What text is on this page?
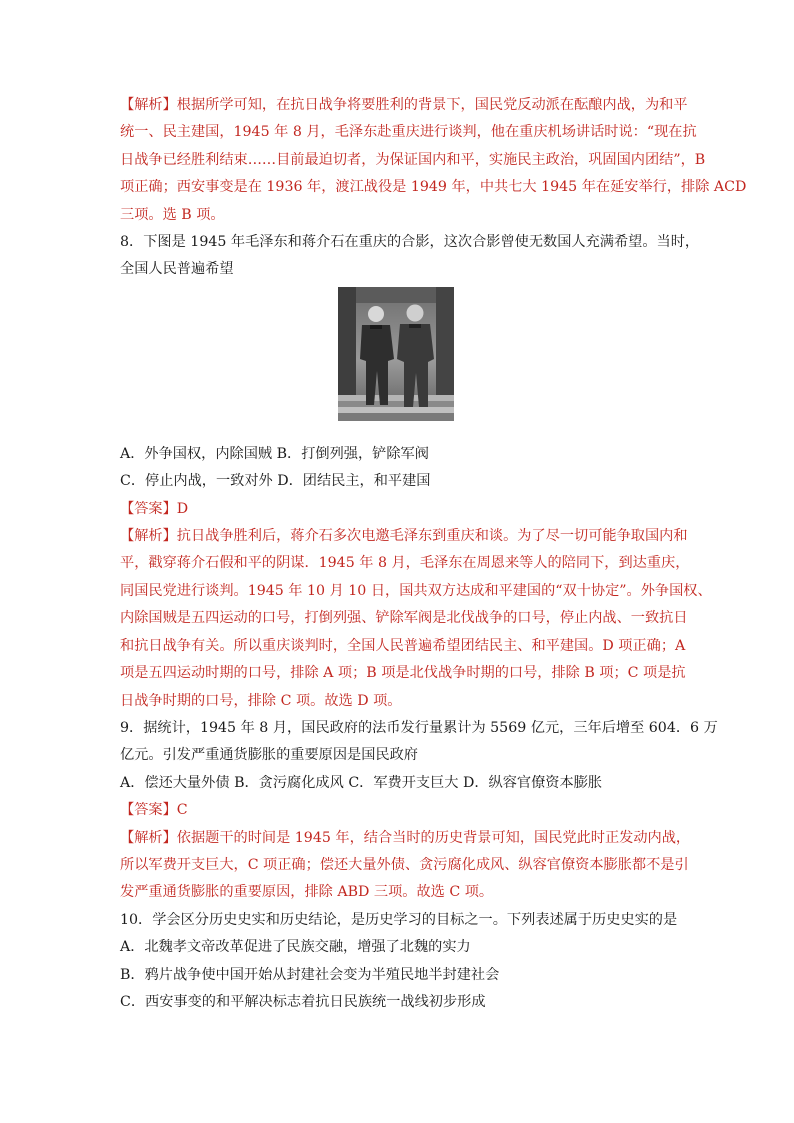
【解析】根据所学可知，在抗日战争将要胜利的背景下，国民党反动派在酝酿内战，为和平
统一、民主建国，1945 年 8 月，毛泽东赴重庆进行谈判，他在重庆机场讲话时说：“现在抗
日战争已经胜利结束……目前最迫切者，为保证国内和平，实施民主政治，巩固国内团结”，B
项正确；西安事变是在 1936 年，渡江战役是 1949 年，中共七大 1945 年在延安举行，排除 ACD
三项。选 B 项。
8．下图是 1945 年毛泽东和蒋介石在重庆的合影，这次合影曾使无数国人充满希望。当时，
全国人民普遍希望
A．外争国权，内除国贼 B．打倒列强，铲除军阀
C．停止内战，一致对外 D．团结民主，和平建国
【答案】D
【解析】抗日战争胜利后，蒋介石多次电邀毛泽东到重庆和谈。为了尽一切可能争取国内和
平，戳穿蒋介石假和平的阴谋．1945 年 8 月，毛泽东在周恩来等人的陪同下，到达重庆，
同国民党进行谈判。1945 年 10 月 10 日，国共双方达成和平建国的“双十协定”。外争国权、
内除国贼是五四运动的口号，打倒列强、铲除军阀是北伐战争的口号，停止内战、一致抗日
和抗日战争有关。所以重庆谈判时，全国人民普遍希望团结民主、和平建国。D 项正确；A
项是五四运动时期的口号，排除 A 项；B 项是北伐战争时期的口号，排除 B 项；C 项是抗
日战争时期的口号，排除 C 项。故选 D 项。
9．据统计，1945 年 8 月，国民政府的法币发行量累计为 5569 亿元，三年后增至 604．6 万
亿元。引发严重通货膨胀的重要原因是国民政府
A．偿还大量外债 B．贪污腐化成风 C．军费开支巨大 D．纵容官僚资本膨胀
【答案】C
【解析】依据题干的时间是 1945 年，结合当时的历史背景可知，国民党此时正发动内战，
所以军费开支巨大，C 项正确；偿还大量外债、贪污腐化成风、纵容官僚资本膨胀都不是引
发严重通货膨胀的重要原因，排除 ABD 三项。故选 C 项。
10．学会区分历史史实和历史结论，是历史学习的目标之一。下列表述属于历史史实的是
A．北魏孝文帝改革促进了民族交融，增强了北魏的实力
B．鸦片战争使中国开始从封建社会变为半殖民地半封建社会
C．西安事变的和平解决标志着抗日民族统一战线初步形成
